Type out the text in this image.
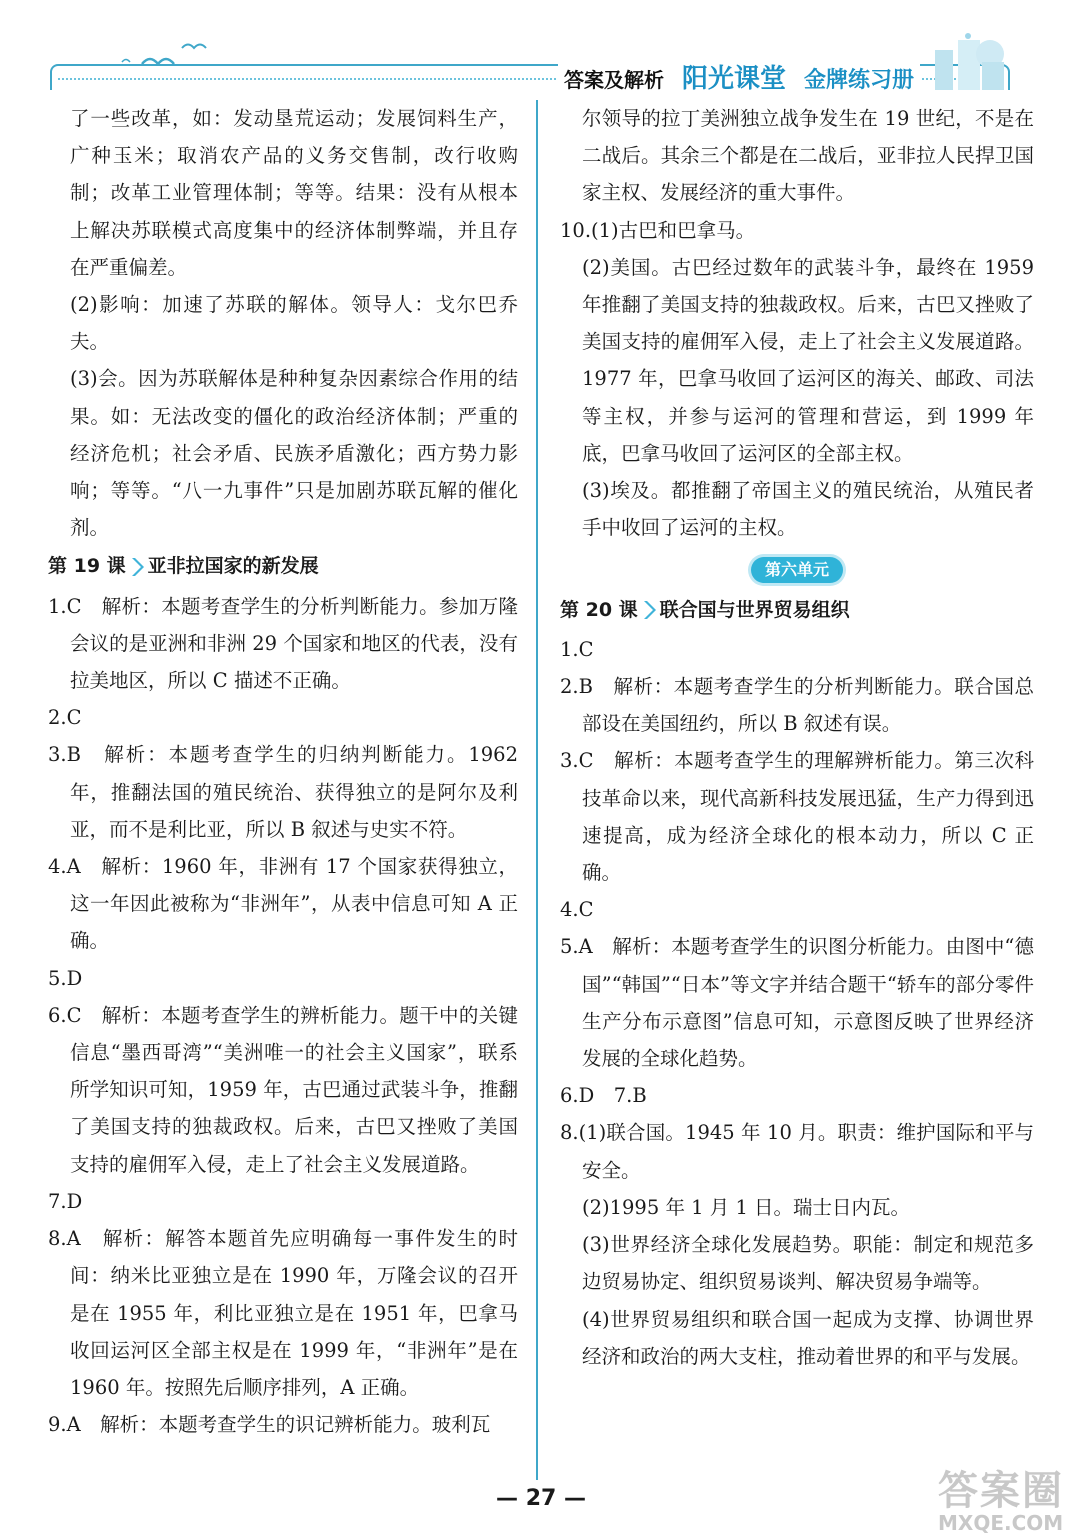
答案及解析 阳光课堂 金牌练习册

了一些改革，如：发动垦荒运动；发展饲料生产，广种玉米；取消农产品的义务交售制，改行收购制；改革工业管理体制；等等。结果：没有从根本上解决苏联模式高度集中的经济体制弊端，并且存在严重偏差。

(2)影响：加速了苏联的解体。领导人：戈尔巴乔夫。

(3)会。因为苏联解体是种种复杂因素综合作用的结果。如：无法改变的僵化的政治经济体制；严重的经济危机；社会矛盾、民族矛盾激化；西方势力影响；等等。“八一九事件”只是加剧苏联瓦解的催化剂。

第 19 课 亚非拉国家的新发展

1.C　解析：本题考查学生的分析判断能力。参加万隆会议的是亚洲和非洲 29 个国家和地区的代表，没有拉美地区，所以 C 描述不正确。

2.C

3.B　解析：本题考查学生的归纳判断能力。1962 年，推翻法国的殖民统治、获得独立的是阿尔及利亚，而不是利比亚，所以 B 叙述与史实不符。

4.A　解析：1960 年，非洲有 17 个国家获得独立，这一年因此被称为“非洲年”，从表中信息可知 A 正确。

5.D

6.C　解析：本题考查学生的辨析能力。题干中的关键信息“墨西哥湾”“美洲唯一的社会主义国家”，联系所学知识可知，1959 年，古巴通过武装斗争，推翻了美国支持的独裁政权。后来，古巴又挫败了美国支持的雇佣军入侵，走上了社会主义发展道路。

7.D

8.A　解析：解答本题首先应明确每一事件发生的时间：纳米比亚独立是在 1990 年，万隆会议的召开是在 1955 年，利比亚独立是在 1951 年，巴拿马收回运河区全部主权是在 1999 年，“非洲年”是在 1960 年。按照先后顺序排列，A 正确。

9.A　解析：本题考查学生的识记辨析能力。玻利瓦

尔领导的拉丁美洲独立战争发生在 19 世纪，不是在二战后。其余三个都是在二战后，亚非拉人民捍卫国家主权、发展经济的重大事件。

10.(1)古巴和巴拿马。

(2)美国。古巴经过数年的武装斗争，最终在 1959 年推翻了美国支持的独裁政权。后来，古巴又挫败了美国支持的雇佣军入侵，走上了社会主义发展道路。1977 年，巴拿马收回了运河区的海关、邮政、司法等主权，并参与运河的管理和营运，到 1999 年底，巴拿马收回了运河区的全部主权。

(3)埃及。都推翻了帝国主义的殖民统治，从殖民者手中收回了运河的主权。

第六单元
第 20 课 联合国与世界贸易组织

1.C

2.B　解析：本题考查学生的分析判断能力。联合国总部设在美国纽约，所以 B 叙述有误。

3.C　解析：本题考查学生的理解辨析能力。第三次科技革命以来，现代高新科技发展迅猛，生产力得到迅速提高，成为经济全球化的根本动力，所以 C 正确。

4.C

5.A　解析：本题考查学生的识图分析能力。由图中“德国”“韩国”“日本”等文字并结合题干“轿车的部分零件生产分布示意图”信息可知，示意图反映了世界经济发展的全球化趋势。

6.D　7.B

8.(1)联合国。1945 年 10 月。职责：维护国际和平与安全。

(2)1995 年 1 月 1 日。瑞士日内瓦。

(3)世界经济全球化发展趋势。职能：制定和规范多边贸易协定、组织贸易谈判、解决贸易争端等。

(4)世界贸易组织和联合国一起成为支撑、协调世界经济和政治的两大支柱，推动着世界的和平与发展。

— 27 —	答案圈
MXQE.COM
